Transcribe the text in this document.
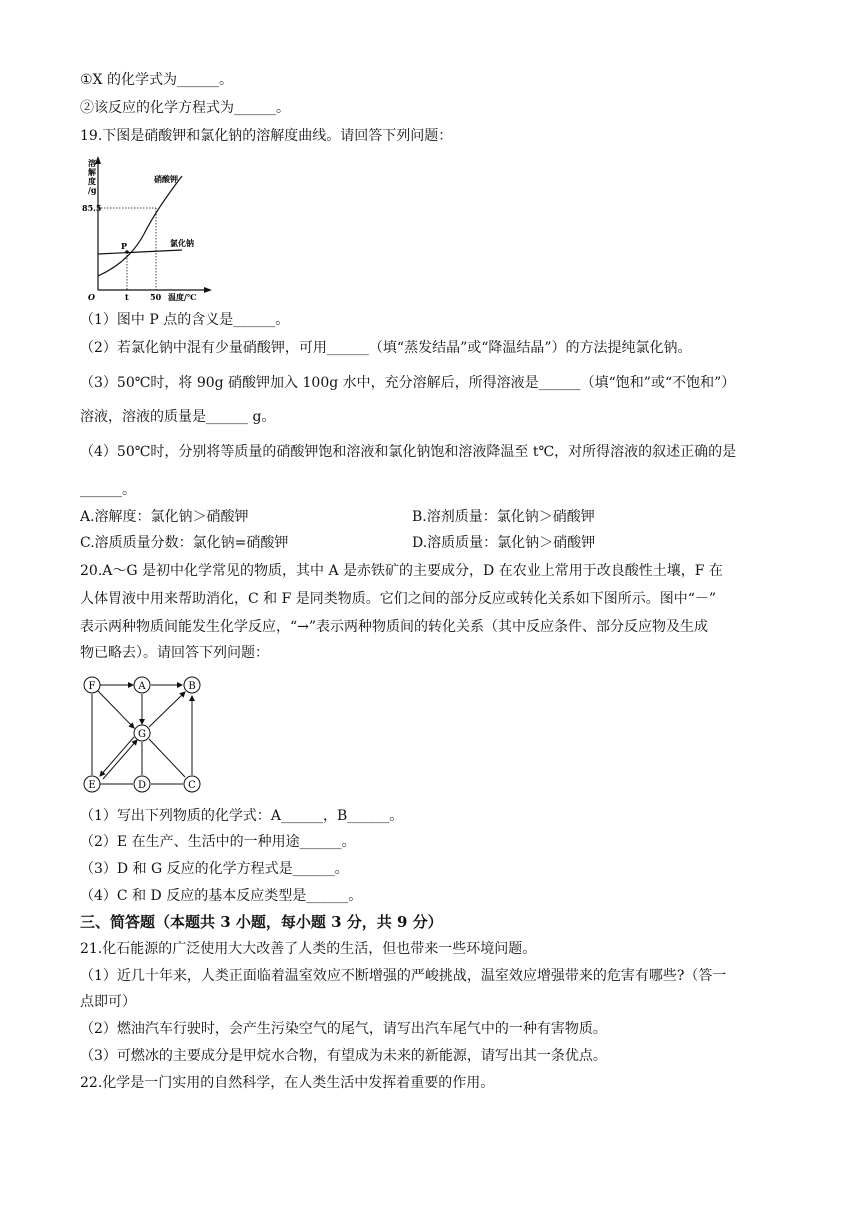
①X 的化学式为______。
②该反应的化学方程式为______。
19.下图是硝酸钾和氯化钠的溶解度曲线。请回答下列问题：
溶
解
度
/g
85.5
O	t	50 温度/℃
硝酸钾
氯化钠
P
（1）图中 P 点的含义是______。
（2）若氯化钠中混有少量硝酸钾，可用______（填“蒸发结晶”或“降温结晶”）的方法提纯氯化钠。
（3）50℃时，将 90g 硝酸钾加入 100g 水中，充分溶解后，所得溶液是______（填“饱和”或“不饱和”）
溶液，溶液的质量是______ g。
（4）50℃时，分别将等质量的硝酸钾饱和溶液和氯化钠饱和溶液降温至 t℃，对所得溶液的叙述正确的是
______。
A.溶解度：氯化钠＞硝酸钾	B.溶剂质量：氯化钠＞硝酸钾
C.溶质质量分数：氯化钠=硝酸钾	D.溶质质量：氯化钠＞硝酸钾
20.A～G 是初中化学常见的物质，其中 A 是赤铁矿的主要成分，D 在农业上常用于改良酸性土壤，F 在
人体胃液中用来帮助消化，C 和 F 是同类物质。它们之间的部分反应或转化关系如下图所示。图中“－”
表示两种物质间能发生化学反应，“→”表示两种物质间的转化关系（其中反应条件、部分反应物及生成
物已略去）。请回答下列问题：
F	A	B
G
E	D	C
（1）写出下列物质的化学式：A______，B______。
（2）E 在生产、生活中的一种用途______。
（3）D 和 G 反应的化学方程式是______。
（4）C 和 D 反应的基本反应类型是______。
三、简答题（本题共 3 小题，每小题 3 分，共 9 分）
21.化石能源的广泛使用大大改善了人类的生活，但也带来一些环境问题。
（1）近几十年来，人类正面临着温室效应不断增强的严峻挑战，温室效应增强带来的危害有哪些?（答一
点即可）
（2）燃油汽车行驶时，会产生污染空气的尾气，请写出汽车尾气中的一种有害物质。
（3）可燃冰的主要成分是甲烷水合物，有望成为未来的新能源，请写出其一条优点。
22.化学是一门实用的自然科学，在人类生活中发挥着重要的作用。
